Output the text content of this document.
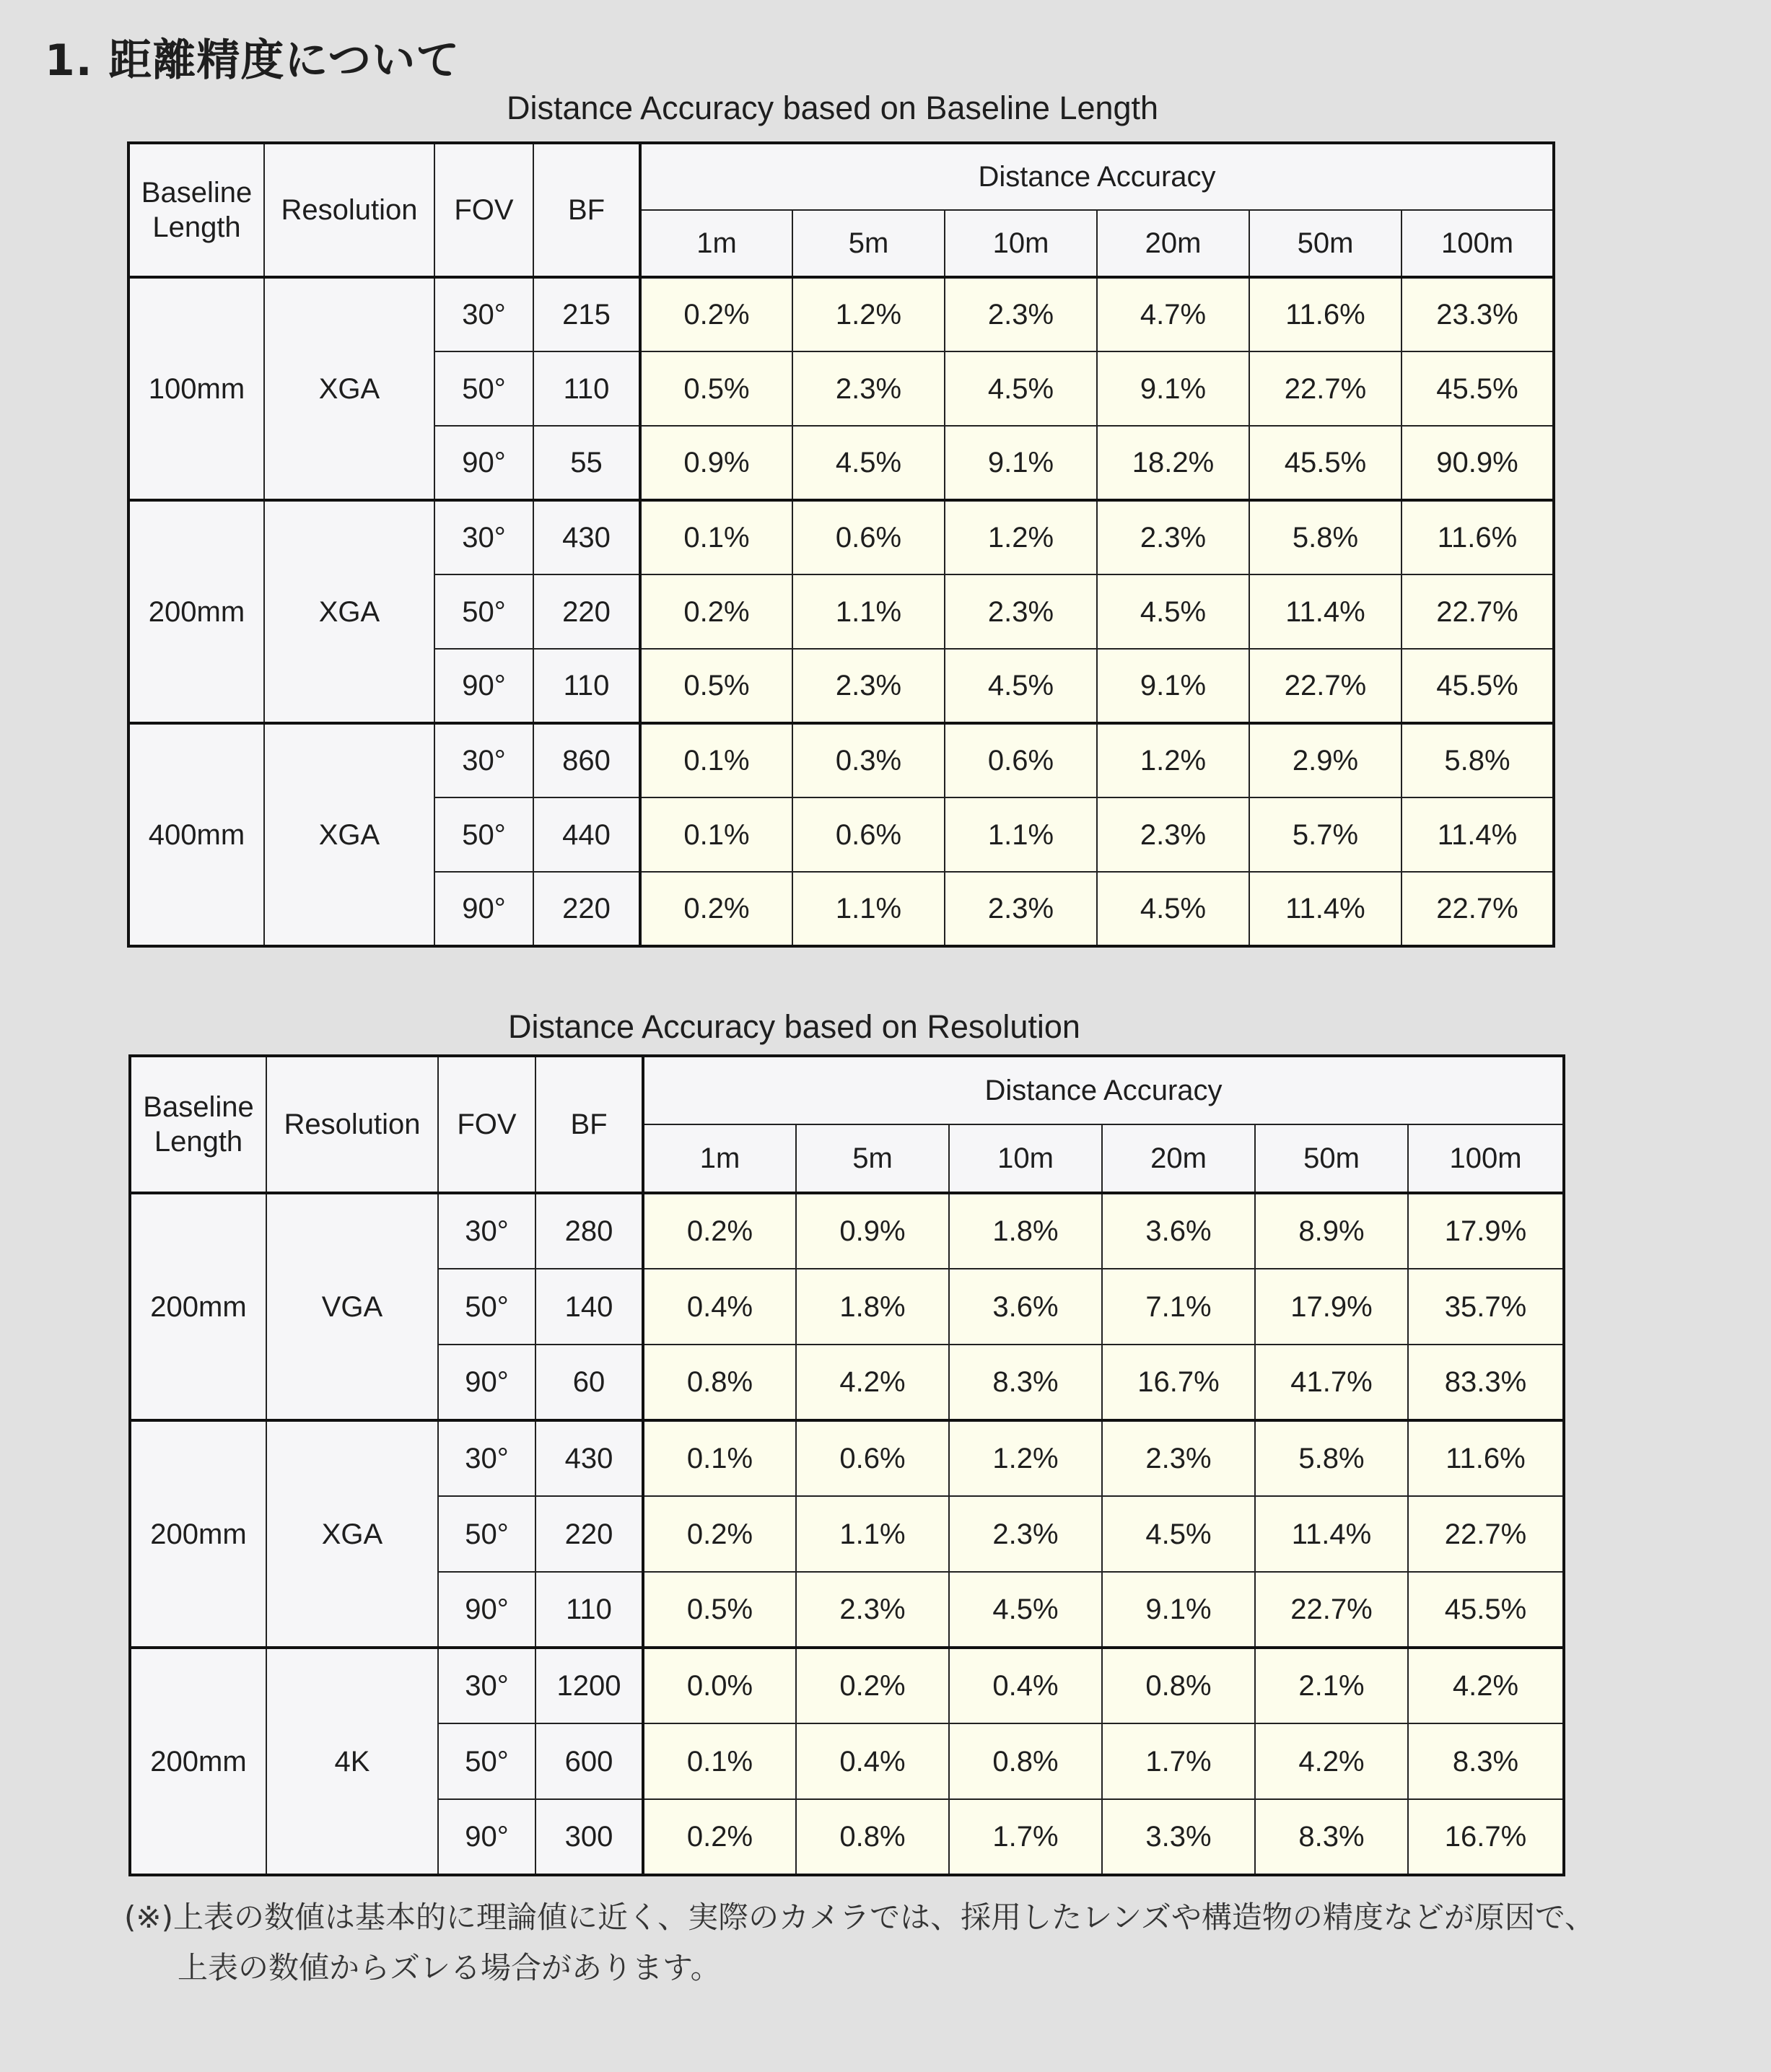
1. 距離精度について
Distance Accuracy based on Baseline Length
Baseline Length	Resolution	FOV	BF	Distance Accuracy					
				1m	5m	10m	20m	50m	100m
100mm	XGA	30°	215	0.2%	1.2%	2.3%	4.7%	11.6%	23.3%
		50°	110	0.5%	2.3%	4.5%	9.1%	22.7%	45.5%
		90°	55	0.9%	4.5%	9.1%	18.2%	45.5%	90.9%
200mm	XGA	30°	430	0.1%	0.6%	1.2%	2.3%	5.8%	11.6%
		50°	220	0.2%	1.1%	2.3%	4.5%	11.4%	22.7%
		90°	110	0.5%	2.3%	4.5%	9.1%	22.7%	45.5%
400mm	XGA	30°	860	0.1%	0.3%	0.6%	1.2%	2.9%	5.8%
		50°	440	0.1%	0.6%	1.1%	2.3%	5.7%	11.4%
		90°	220	0.2%	1.1%	2.3%	4.5%	11.4%	22.7%
Distance Accuracy based on Resolution
Baseline Length	Resolution	FOV	BF	Distance Accuracy					
				1m	5m	10m	20m	50m	100m
200mm	VGA	30°	280	0.2%	0.9%	1.8%	3.6%	8.9%	17.9%
		50°	140	0.4%	1.8%	3.6%	7.1%	17.9%	35.7%
		90°	60	0.8%	4.2%	8.3%	16.7%	41.7%	83.3%
200mm	XGA	30°	430	0.1%	0.6%	1.2%	2.3%	5.8%	11.6%
		50°	220	0.2%	1.1%	2.3%	4.5%	11.4%	22.7%
		90°	110	0.5%	2.3%	4.5%	9.1%	22.7%	45.5%
200mm	4K	30°	1200	0.0%	0.2%	0.4%	0.8%	2.1%	4.2%
		50°	600	0.1%	0.4%	0.8%	1.7%	4.2%	8.3%
		90°	300	0.2%	0.8%	1.7%	3.3%	8.3%	16.7%
(※)上表の数値は基本的に理論値に近く、実際のカメラでは、採用したレンズや構造物の精度などが原因で、
上表の数値からズレる場合があります。
